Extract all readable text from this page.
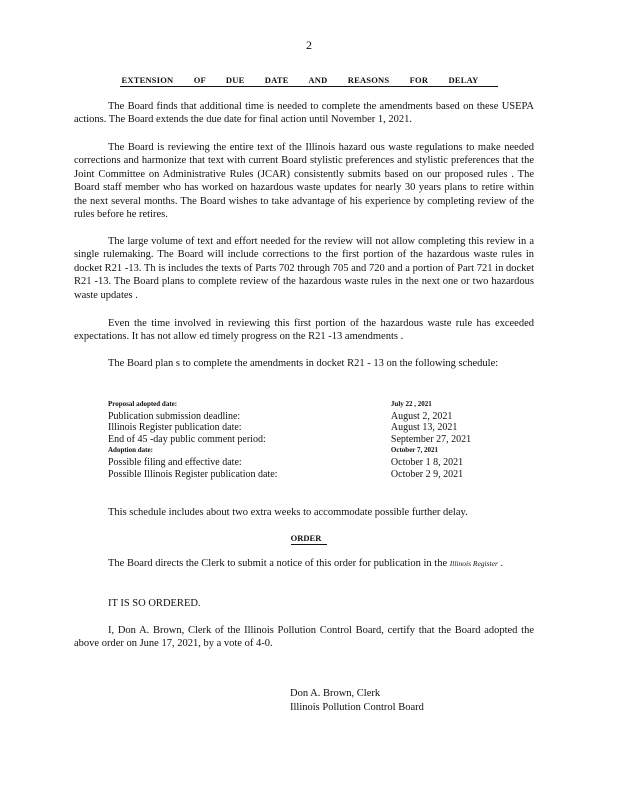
2
EXTENSION OF DUE DATE AND REASONS FOR DELAY

The Board finds that additional time is needed to complete the amendments based on these USEPA actions. The Board extends the due date for final action until November 1, 2021.

The Board is reviewing the entire text of the Illinois hazard ous waste regulations to make needed corrections and harmonize that text with current Board stylistic preferences and stylistic preferences that the Joint Committee on Administrative Rules (JCAR) consistently submits based on our proposed rules . The Board staff member who has worked on hazardous waste updates for nearly 30 years plans to retire within the next several months. The Board wishes to take advantage of his experience by completing review of the rules before he retires.

The large volume of text and effort needed for the review will not allow completing this review in a single rulemaking. The Board will include corrections to the first portion of the hazardous waste rules in docket R21 -13. Th is includes the texts of Parts 702 through 705 and 720 and a portion of Part 721 in docket R21 -13. The Board plans to complete review of the hazardous waste rules in the next one or two hazardous waste updates .

Even the time involved in reviewing this first portion of the hazardous waste rule has exceeded expectations. It has not allow ed timely progress on the R21 -13 amendments .

The Board plan s to complete the amendments in docket R21 - 13 on the following schedule:

Proposal adopted date:	July 22 , 2021
Publication submission deadline:	August 2, 2021
Illinois Register publication date:	August 13, 2021
End of 45 -day public comment period:	September 27, 2021
Adoption date:	October 7, 2021
Possible filing and effective date:	October 1 8, 2021
Possible Illinois Register publication date:	October 2 9, 2021
This schedule includes about two extra weeks to accommodate possible further delay.
ORDER

The Board directs the Clerk to submit a notice of this order for publication in the Illinois Register .

IT IS SO ORDERED.

I, Don A. Brown, Clerk of the Illinois Pollution Control Board, certify that the Board adopted the above order on June 17, 2021, by a vote of 4-0.

Don A. Brown, Clerk
Illinois Pollution Control Board
